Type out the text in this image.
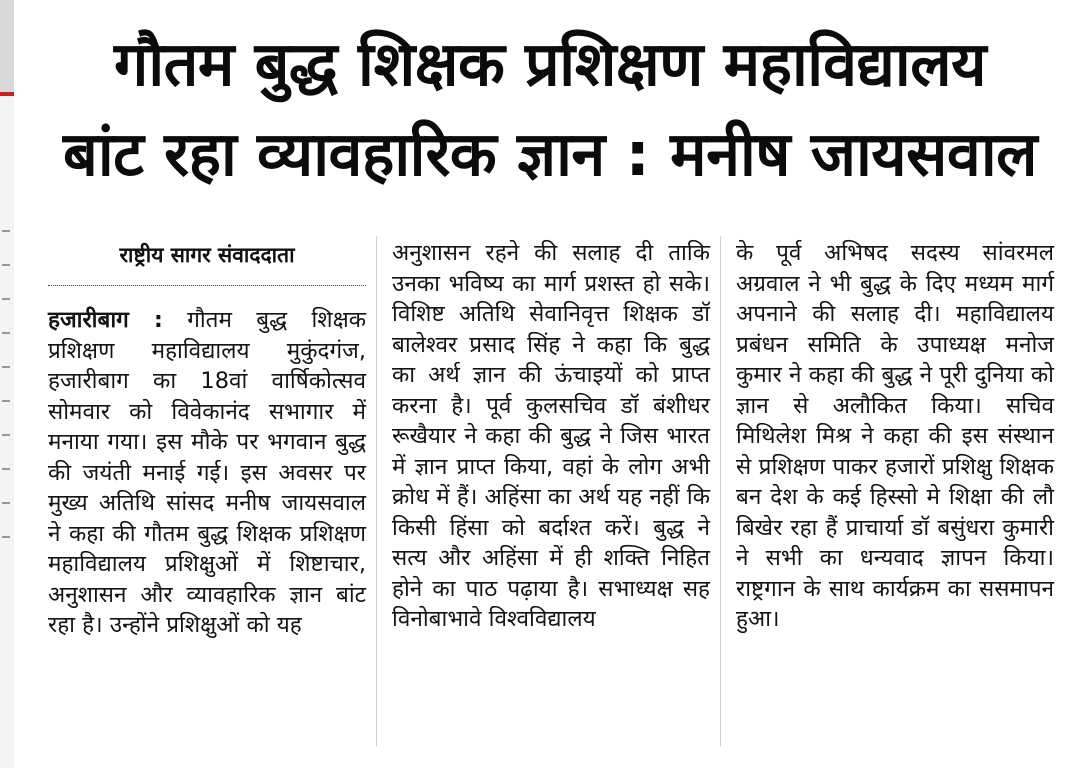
गौतम बुद्ध शिक्षक प्रशिक्षण महाविद्यालय
बांट रहा व्यावहारिक ज्ञान : मनीष जायसवाल
राष्ट्रीय सागर संवाददाता
हजारीबाग : गौतम बुद्ध शिक्षक प्रशिक्षण महाविद्यालय मुकुंदगंज, हजारीबाग का 18वां वार्षिकोत्सव सोमवार को विवेकानंद सभागार में मनाया गया। इस मौके पर भगवान बुद्ध की जयंती मनाई गई। इस अवसर पर मुख्य अतिथि सांसद मनीष जायसवाल ने कहा की गौतम बुद्ध शिक्षक प्रशिक्षण महाविद्यालय प्रशिक्षुओं में शिष्टाचार, अनुशासन और व्यावहारिक ज्ञान बांट रहा है। उन्होंने प्रशिक्षुओं को यह
अनुशासन रहने की सलाह दी ताकि उनका भविष्य का मार्ग प्रशस्त हो सके। विशिष्ट अतिथि सेवानिवृत्त शिक्षक डॉ बालेश्वर प्रसाद सिंह ने कहा कि बुद्ध का अर्थ ज्ञान की ऊंचाइयों को प्राप्त करना है। पूर्व कुलसचिव डॉ बंशीधर रूखैयार ने कहा की बुद्ध ने जिस भारत में ज्ञान प्राप्त किया, वहां के लोग अभी क्रोध में हैं। अहिंसा का अर्थ यह नहीं कि किसी हिंसा को बर्दाश्त करें। बुद्ध ने सत्य और अहिंसा में ही शक्ति निहित होने का पाठ पढ़ाया है। सभाध्यक्ष सह विनोबाभावे विश्वविद्यालय
के पूर्व अभिषद सदस्य सांवरमल अग्रवाल ने भी बुद्ध के दिए मध्यम मार्ग अपनाने की सलाह दी। महाविद्यालय प्रबंधन समिति के उपाध्यक्ष मनोज कुमार ने कहा की बुद्ध ने पूरी दुनिया को ज्ञान से अलौकित किया। सचिव मिथिलेश मिश्र ने कहा की इस संस्थान से प्रशिक्षण पाकर हजारों प्रशिक्षु शिक्षक बन देश के कई हिस्सो मे शिक्षा की लौ बिखेर रहा हैं प्राचार्या डॉ बसुंधरा कुमारी ने सभी का धन्यवाद ज्ञापन किया। राष्ट्रगान के साथ कार्यक्रम का ससमापन हुआ।
